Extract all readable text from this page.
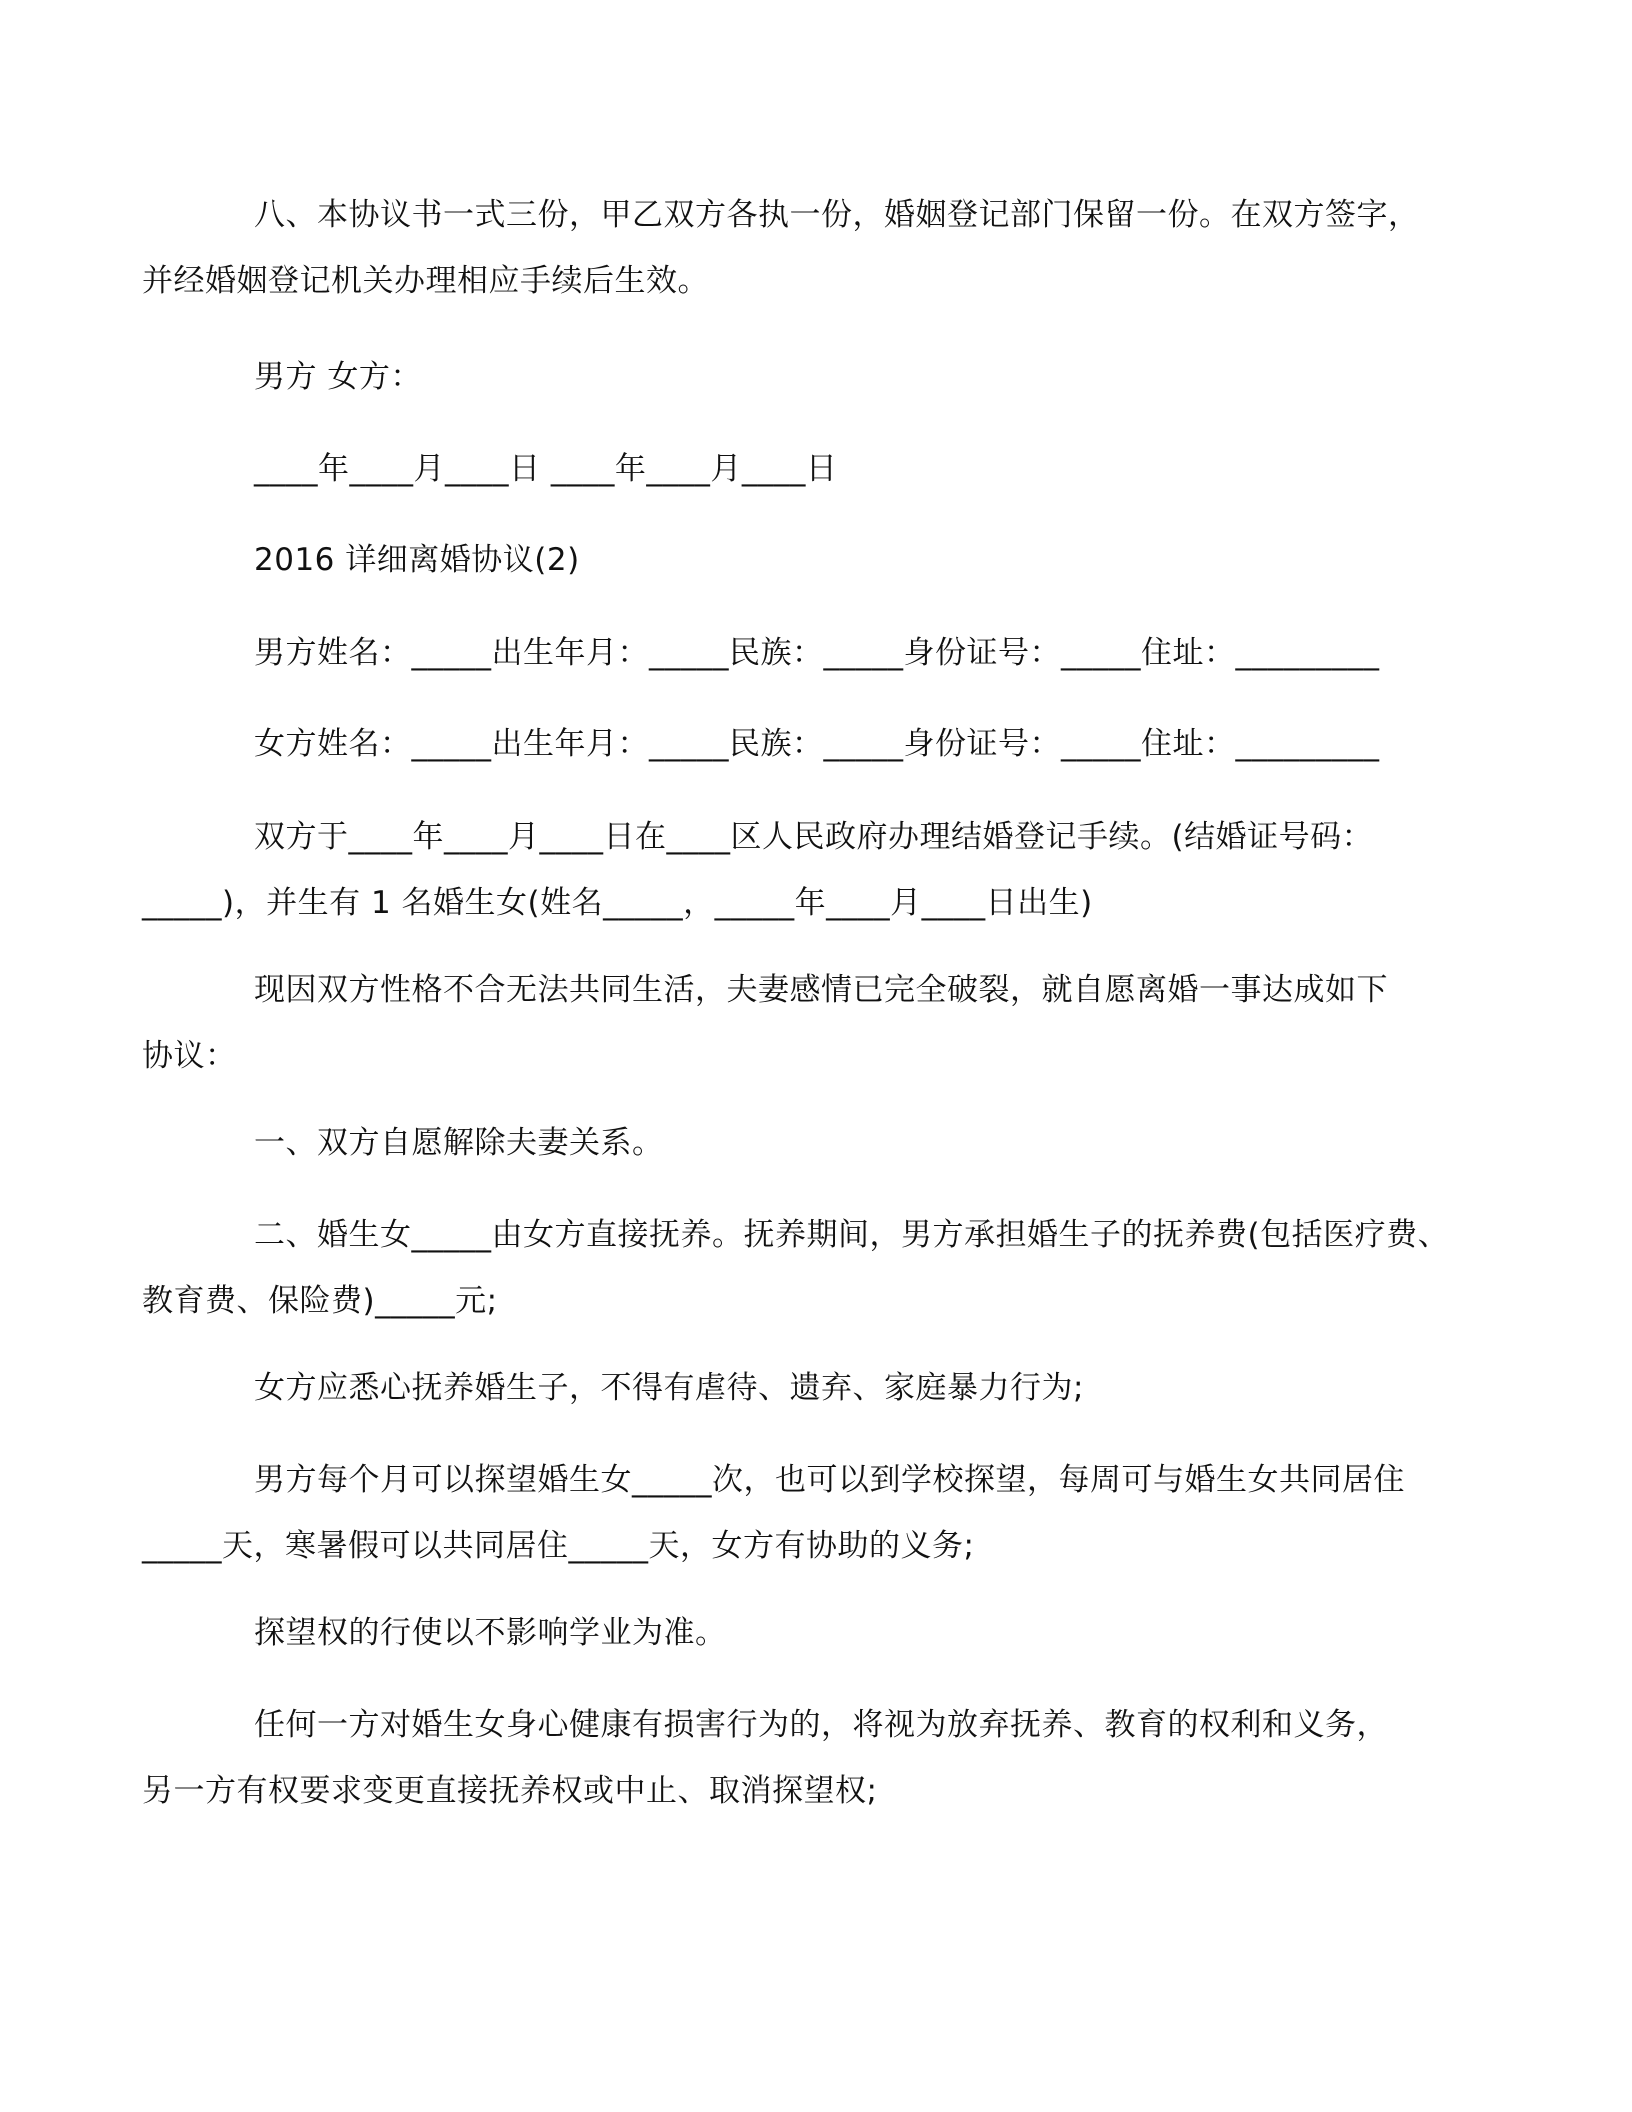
八、本协议书一式三份，甲乙双方各执一份，婚姻登记部门保留一份。在双方签字，
并经婚姻登记机关办理相应手续后生效。
男方 女方：
____年____月____日 ____年____月____日
2016 详细离婚协议(2)
男方姓名：_____出生年月：_____民族：_____身份证号：_____住址：_________
女方姓名：_____出生年月：_____民族：_____身份证号：_____住址：_________
双方于____年____月____日在____区人民政府办理结婚登记手续。(结婚证号码：
_____)，并生有 1 名婚生女(姓名_____，_____年____月____日出生)
现因双方性格不合无法共同生活，夫妻感情已完全破裂，就自愿离婚一事达成如下
协议：
一、双方自愿解除夫妻关系。
二、婚生女_____由女方直接抚养。抚养期间，男方承担婚生子的抚养费(包括医疗费、
教育费、保险费)_____元;
女方应悉心抚养婚生子，不得有虐待、遗弃、家庭暴力行为;
男方每个月可以探望婚生女_____次，也可以到学校探望，每周可与婚生女共同居住
_____天，寒暑假可以共同居住_____天，女方有协助的义务;
探望权的行使以不影响学业为准。
任何一方对婚生女身心健康有损害行为的，将视为放弃抚养、教育的权利和义务，
另一方有权要求变更直接抚养权或中止、取消探望权;
